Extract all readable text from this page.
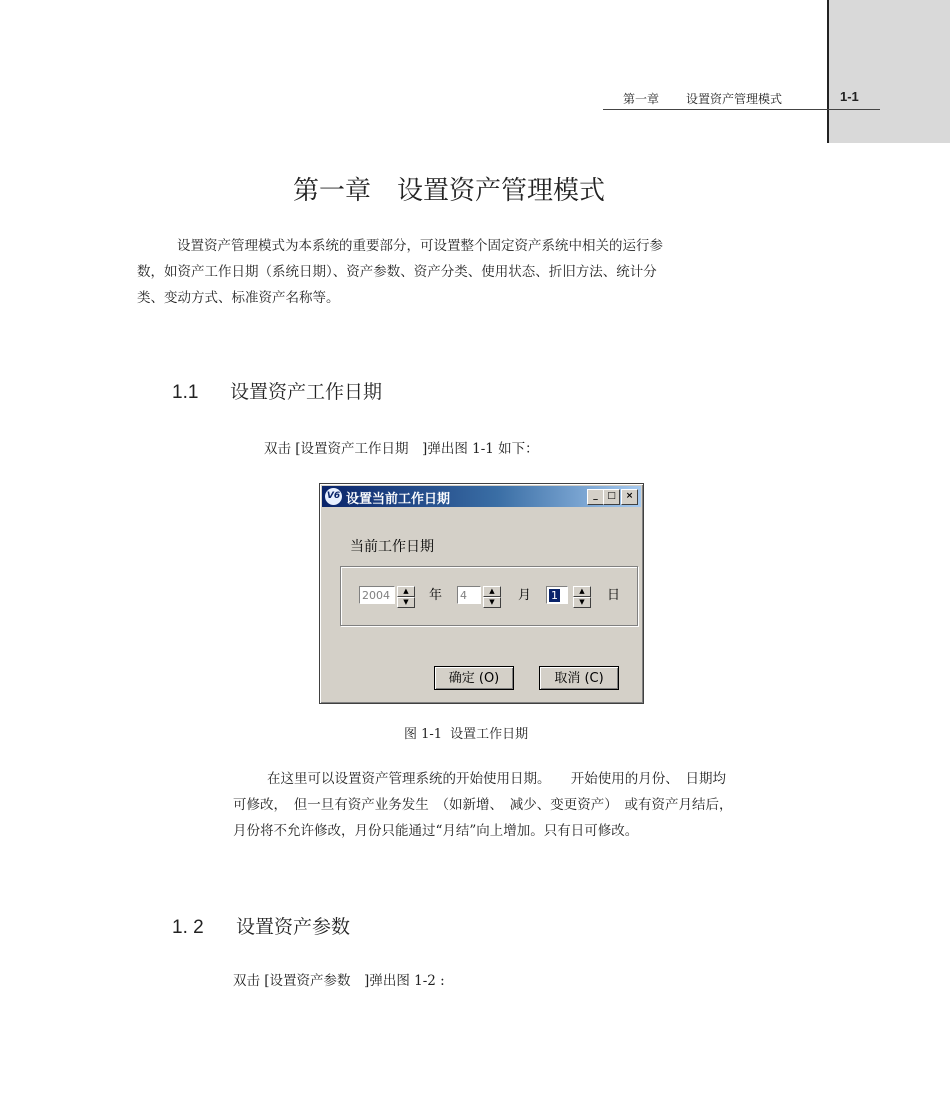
第一章 设置资产管理模式	1-1
第一章 设置资产管理模式
设置资产管理模式为本系统的重要部分，可设置整个固定资产系统中相关的运行参
数，如资产工作日期（系统日期）、资产参数、资产分类、使用状态、折旧方法、统计分
类、变动方式、标准资产名称等。
1.1 设置资产工作日期
双击 [设置资产工作日期　]弹出图 1-1 如下：
V6 设置当前工作日期	_	□	×
当前工作日期
2004	▲
▼	年 4	▲
▼	月	1	▲
▼	日
确定 (O)	取消 (C)
图 1-1 设置工作日期
在这里可以设置资产管理系统的开始使用日期。　　开始使用的月份、　日期均
可修改，　但一旦有资产业务发生　（如新增、　减少、变更资产）　或有资产月结后，
月份将不允许修改，月份只能通过“月结”向上增加。只有日可修改。
1. 2 设置资产参数
双击 [设置资产参数　]弹出图 1-2 :
